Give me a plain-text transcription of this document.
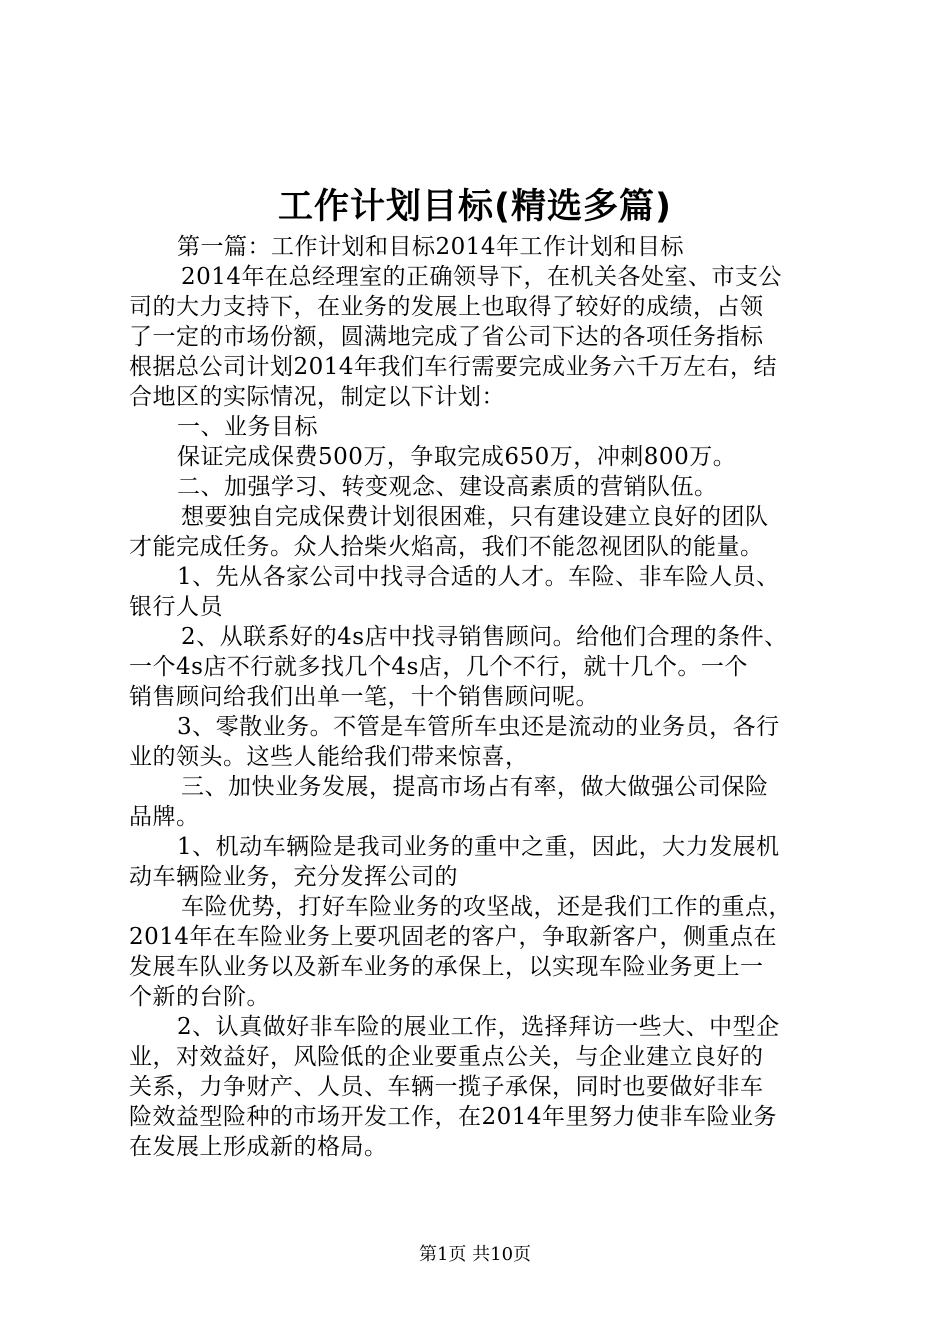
工作计划目标(精选多篇)
第一篇：工作计划和目标2014年工作计划和目标
2014年在总经理室的正确领导下，在机关各处室、市支公
司的大力支持下，在业务的发展上也取得了较好的成绩，占领
了一定的市场份额，圆满地完成了省公司下达的各项任务指标
根据总公司计划2014年我们车行需要完成业务六千万左右，结
合地区的实际情况，制定以下计划：
一、业务目标
保证完成保费500万，争取完成650万，冲刺800万。
二、加强学习、转变观念、建设高素质的营销队伍。
想要独自完成保费计划很困难，只有建设建立良好的团队
才能完成任务。众人拾柴火焰高，我们不能忽视团队的能量。
1、先从各家公司中找寻合适的人才。车险、非车险人员、
银行人员
2、从联系好的4s店中找寻销售顾问。给他们合理的条件、
一个4s店不行就多找几个4s店，几个不行，就十几个。一个
销售顾问给我们出单一笔，十个销售顾问呢。
3、零散业务。不管是车管所车虫还是流动的业务员，各行
业的领头。这些人能给我们带来惊喜，
三、加快业务发展，提高市场占有率，做大做强公司保险
品牌。
1、机动车辆险是我司业务的重中之重，因此，大力发展机
动车辆险业务，充分发挥公司的
车险优势，打好车险业务的攻坚战，还是我们工作的重点，
2014年在车险业务上要巩固老的客户，争取新客户，侧重点在
发展车队业务以及新车业务的承保上，以实现车险业务更上一
个新的台阶。
2、认真做好非车险的展业工作，选择拜访一些大、中型企
业，对效益好，风险低的企业要重点公关，与企业建立良好的
关系，力争财产、人员、车辆一揽子承保，同时也要做好非车
险效益型险种的市场开发工作，在2014年里努力使非车险业务
在发展上形成新的格局。
第1页 共10页
